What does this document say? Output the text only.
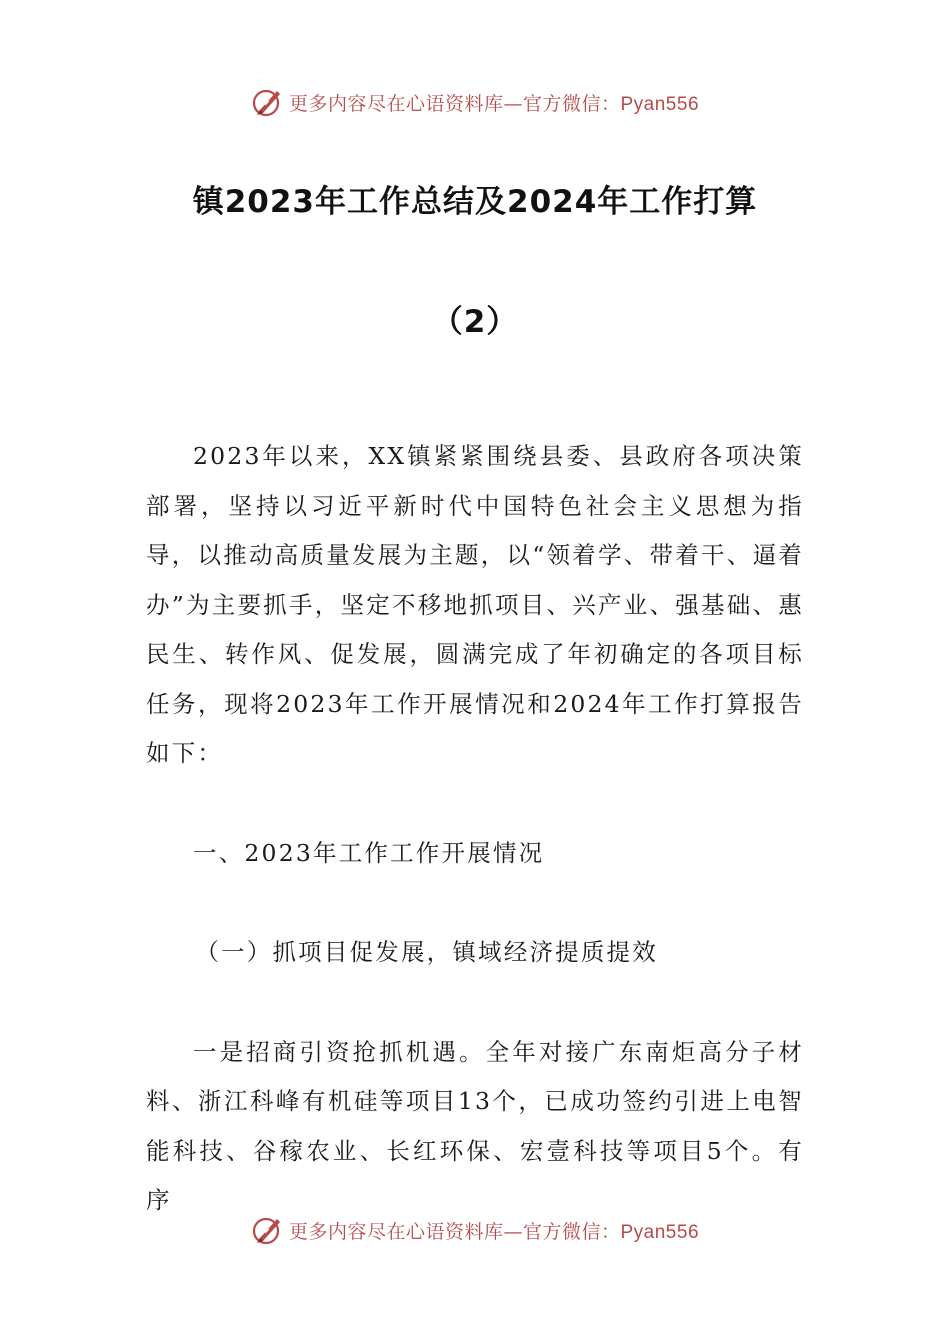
更多内容尽在心语资料库—官方微信：Pyan556
镇2023年工作总结及2024年工作打算
（2）

2023年以来，XX镇紧紧围绕县委、县政府各项决策部署，坚持以习近平新时代中国特色社会主义思想为指导，以推动高质量发展为主题，以“领着学、带着干、逼着办”为主要抓手，坚定不移地抓项目、兴产业、强基础、惠民生、转作风、促发展，圆满完成了年初确定的各项目标任务，现将2023年工作开展情况和2024年工作打算报告如下：

一、2023年工作工作开展情况

（一）抓项目促发展，镇域经济提质提效

一是招商引资抢抓机遇。全年对接广东南炬高分子材料、浙江科峰有机硅等项目13个，已成功签约引进上电智能科技、谷稼农业、长红环保、宏壹科技等项目5个。有序

更多内容尽在心语资料库—官方微信：Pyan556
